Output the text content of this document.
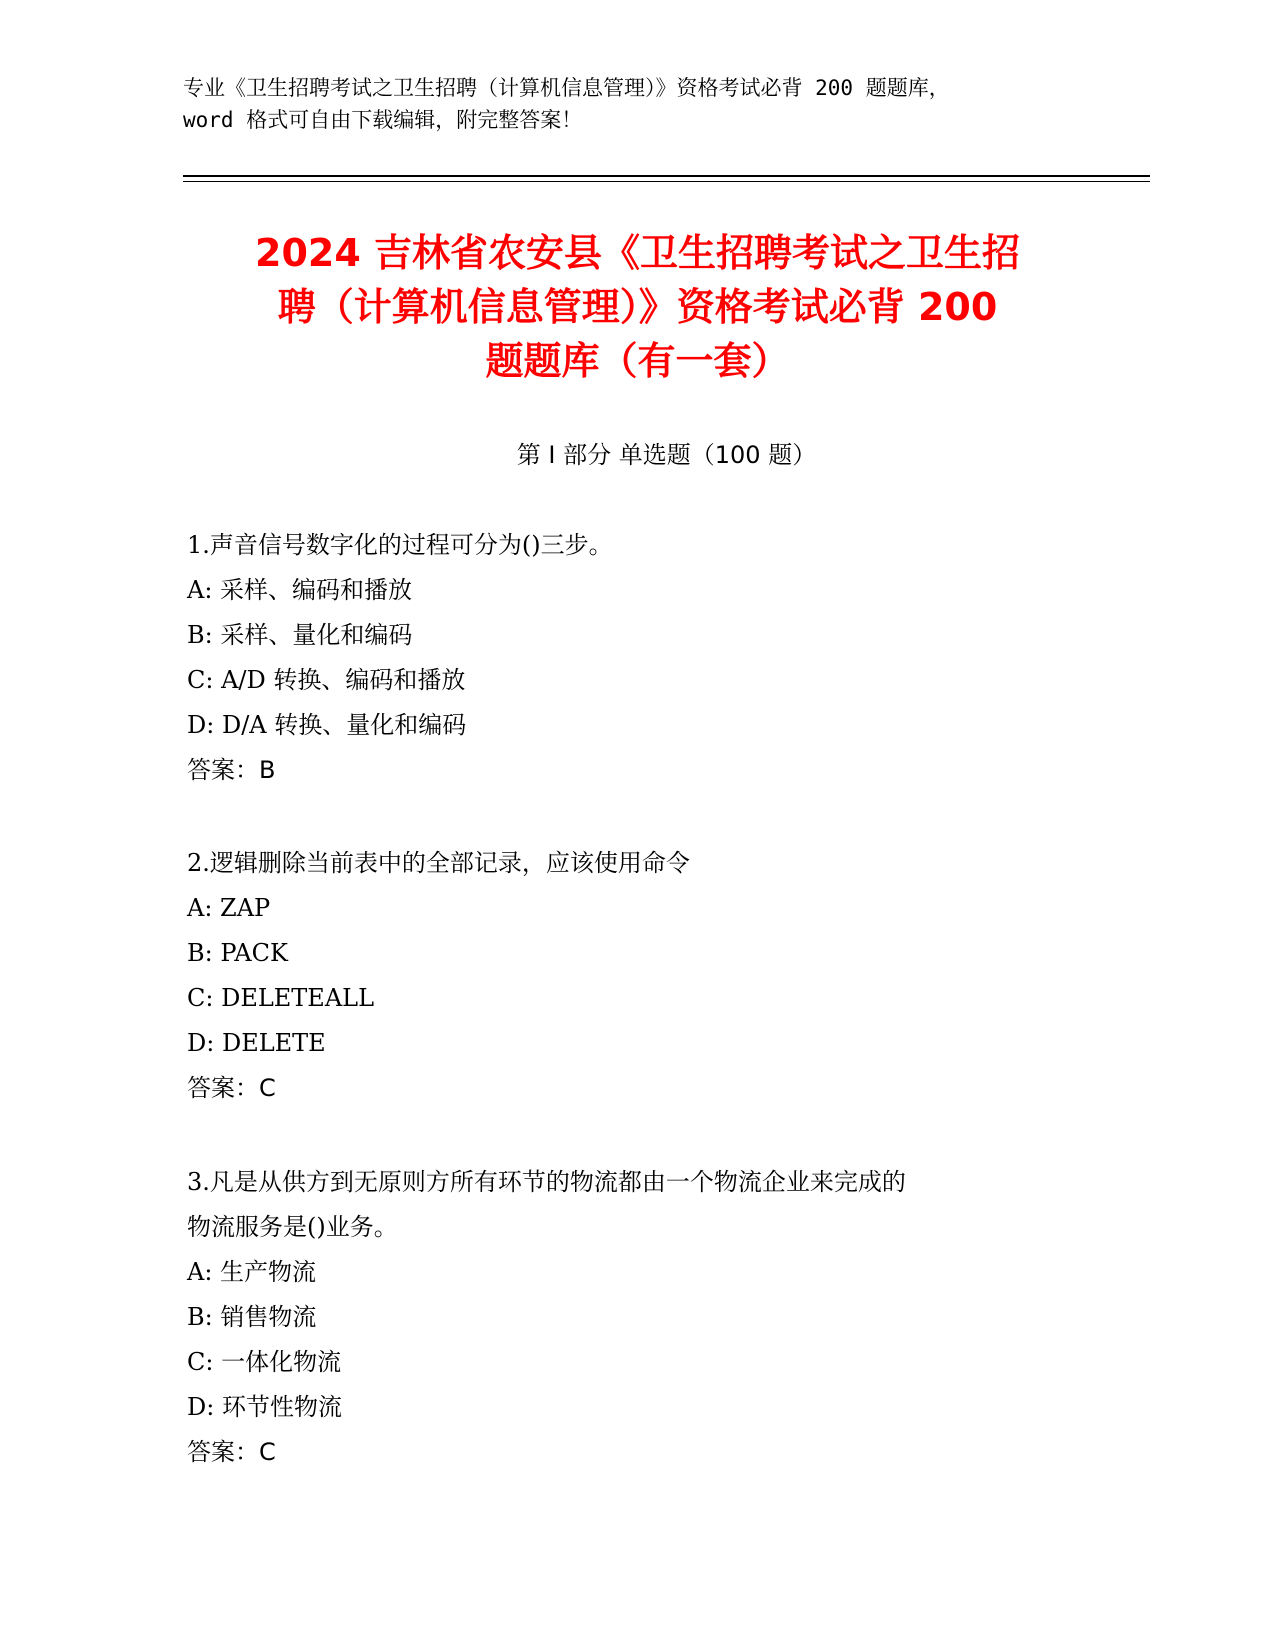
专业《卫生招聘考试之卫生招聘（计算机信息管理）》资格考试必背 200 题题库，
word 格式可自由下载编辑，附完整答案！
2024 吉林省农安县《卫生招聘考试之卫生招
聘（计算机信息管理）》资格考试必背 200
题题库（有一套）
第 I 部分 单选题（100 题）

1.声音信号数字化的过程可分为()三步。

A: 采样、编码和播放

B: 采样、量化和编码

C: A/D 转换、编码和播放

D: D/A 转换、量化和编码

答案：B

2.逻辑删除当前表中的全部记录，应该使用命令

A: ZAP

B: PACK

C: DELETEALL

D: DELETE

答案：C

3.凡是从供方到无原则方所有环节的物流都由一个物流企业来完成的

物流服务是()业务。

A: 生产物流

B: 销售物流

C: 一体化物流

D: 环节性物流

答案：C
